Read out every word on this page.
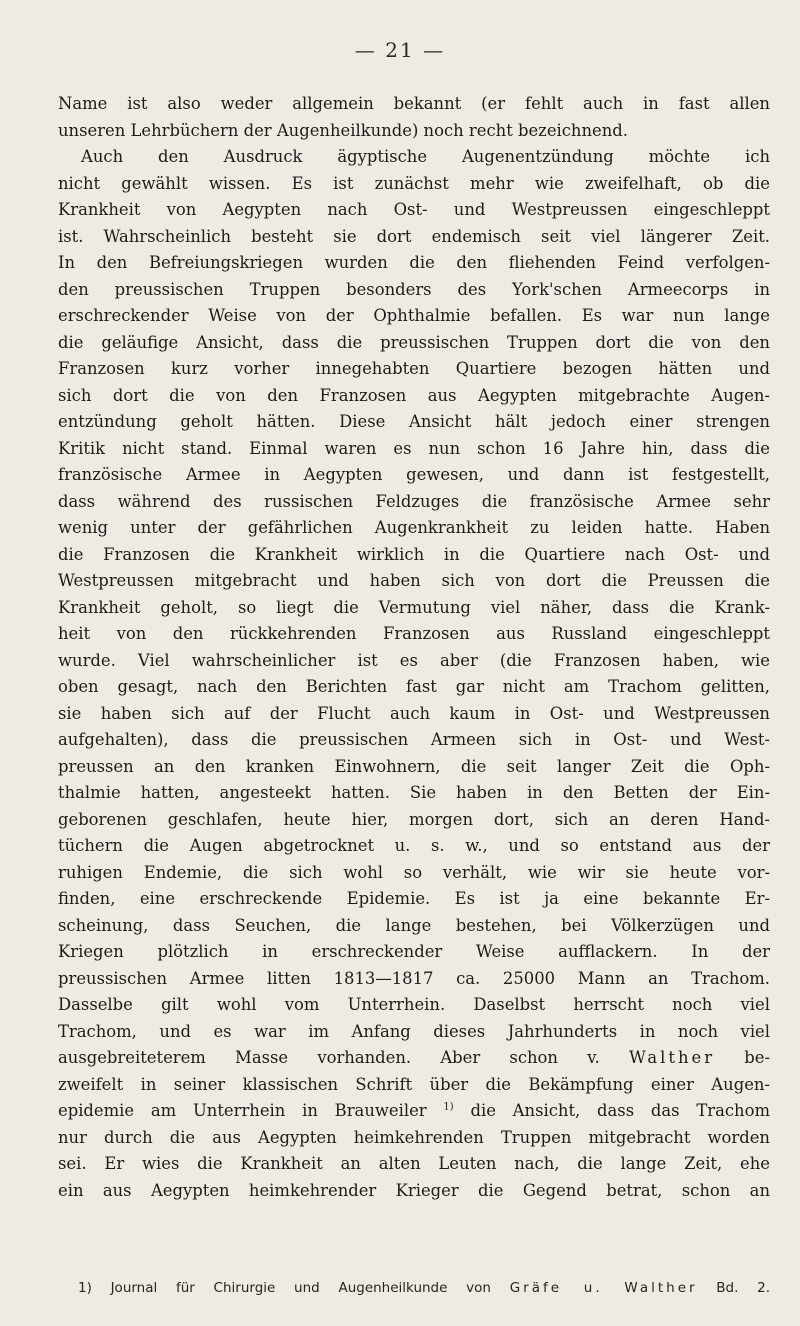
— 21 —
Name ist also weder allgemein bekannt (er fehlt auch in fast allen
unseren Lehrbüchern der Augenheilkunde) noch recht bezeichnend.
Auch den Ausdruck ägyptische Augenentzündung möchte ich
nicht gewählt wissen. Es ist zunächst mehr wie zweifelhaft, ob die
Krankheit von Aegypten nach Ost- und Westpreussen eingeschleppt
ist. Wahrscheinlich besteht sie dort endemisch seit viel längerer Zeit.
In den Befreiungskriegen wurden die den fliehenden Feind verfolgen-
den preussischen Truppen besonders des York'schen Armeecorps in
erschreckender Weise von der Ophthalmie befallen. Es war nun lange
die geläufige Ansicht, dass die preussischen Truppen dort die von den
Franzosen kurz vorher innegehabten Quartiere bezogen hätten und
sich dort die von den Franzosen aus Aegypten mitgebrachte Augen-
entzündung geholt hätten. Diese Ansicht hält jedoch einer strengen
Kritik nicht stand. Einmal waren es nun schon 16 Jahre hin, dass die
französische Armee in Aegypten gewesen, und dann ist festgestellt,
dass während des russischen Feldzuges die französische Armee sehr
wenig unter der gefährlichen Augenkrankheit zu leiden hatte. Haben
die Franzosen die Krankheit wirklich in die Quartiere nach Ost- und
Westpreussen mitgebracht und haben sich von dort die Preussen die
Krankheit geholt, so liegt die Vermutung viel näher, dass die Krank-
heit von den rückkehrenden Franzosen aus Russland eingeschleppt
wurde. Viel wahrscheinlicher ist es aber (die Franzosen haben, wie
oben gesagt, nach den Berichten fast gar nicht am Trachom gelitten,
sie haben sich auf der Flucht auch kaum in Ost- und Westpreussen
aufgehalten), dass die preussischen Armeen sich in Ost- und West-
preussen an den kranken Einwohnern, die seit langer Zeit die Oph-
thalmie hatten, angesteekt hatten. Sie haben in den Betten der Ein-
geborenen geschlafen, heute hier, morgen dort, sich an deren Hand-
tüchern die Augen abgetrocknet u. s. w., und so entstand aus der
ruhigen Endemie, die sich wohl so verhält, wie wir sie heute vor-
finden, eine erschreckende Epidemie. Es ist ja eine bekannte Er-
scheinung, dass Seuchen, die lange bestehen, bei Völkerzügen und
Kriegen plötzlich in erschreckender Weise aufflackern. In der
preussischen Armee litten 1813—1817 ca. 25000 Mann an Trachom.
Dasselbe gilt wohl vom Unterrhein. Daselbst herrscht noch viel
Trachom, und es war im Anfang dieses Jahrhunderts in noch viel
ausgebreiteterem Masse vorhanden. Aber schon v. Walther be-
zweifelt in seiner klassischen Schrift über die Bekämpfung einer Augen-
epidemie am Unterrhein in Brauweiler $^{1)}$ die Ansicht, dass das Trachom
nur durch die aus Aegypten heimkehrenden Truppen mitgebracht worden
sei. Er wies die Krankheit an alten Leuten nach, die lange Zeit, ehe
ein aus Aegypten heimkehrender Krieger die Gegend betrat, schon an
1) Journal für Chirurgie und Augenheilkunde von Gräfe u. Walther Bd. 2.
